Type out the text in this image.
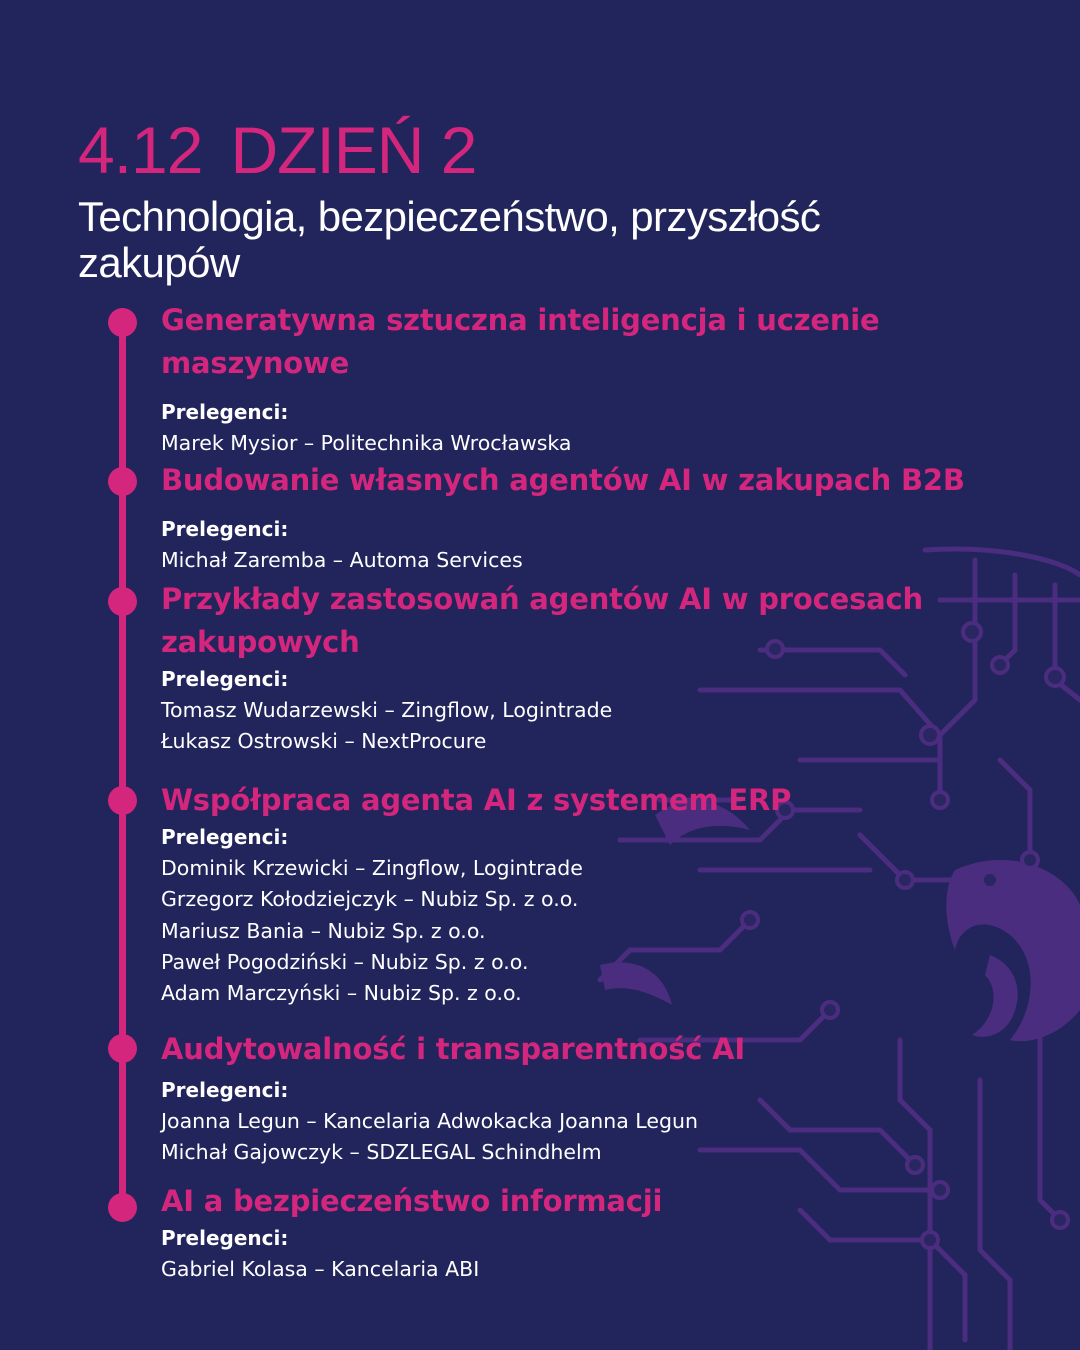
4.12 DZIEŃ 2

Technologia, bezpieczeństwo, przyszłość zakupów

Generatywna sztuczna inteligencja i uczenie maszynowe

Prelegenci:

Marek Mysior – Politechnika Wrocławska

Budowanie własnych agentów AI w zakupach B2B

Prelegenci:

Michał Zaremba – Automa Services

Przykłady zastosowań agentów AI w procesach zakupowych

Prelegenci:

Tomasz Wudarzewski – Zingflow, Logintrade

Łukasz Ostrowski – NextProcure

Współpraca agenta AI z systemem ERP

Prelegenci:

Dominik Krzewicki – Zingflow, Logintrade

Grzegorz Kołodziejczyk – Nubiz Sp. z o.o.

Mariusz Bania – Nubiz Sp. z o.o.

Paweł Pogodziński – Nubiz Sp. z o.o.

Adam Marczyński – Nubiz Sp. z o.o.

Audytowalność i transparentność AI

Prelegenci:

Joanna Legun – Kancelaria Adwokacka Joanna Legun

Michał Gajowczyk – SDZLEGAL Schindhelm

AI a bezpieczeństwo informacji

Prelegenci:

Gabriel Kolasa – Kancelaria ABI
